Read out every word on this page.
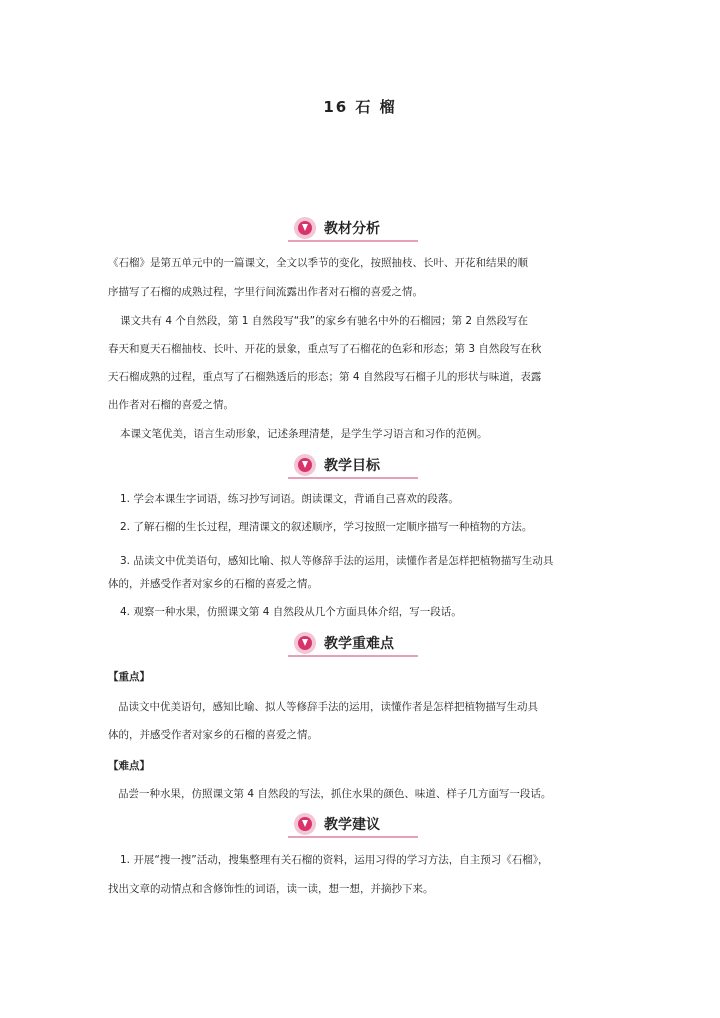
16 石 榴
教材分析
《石榴》是第五单元中的一篇课文，全文以季节的变化，按照抽枝、长叶、开花和结果的顺
序描写了石榴的成熟过程，字里行间流露出作者对石榴的喜爱之情。
课文共有 4 个自然段，第 1 自然段写“我”的家乡有驰名中外的石榴园；第 2 自然段写在
春天和夏天石榴抽枝、长叶、开花的景象，重点写了石榴花的色彩和形态；第 3 自然段写在秋
天石榴成熟的过程，重点写了石榴熟透后的形态；第 4 自然段写石榴子儿的形状与味道，表露
出作者对石榴的喜爱之情。
本课文笔优美，语言生动形象，记述条理清楚，是学生学习语言和习作的范例。
教学目标
1. 学会本课生字词语，练习抄写词语。朗读课文，背诵自己喜欢的段落。
2. 了解石榴的生长过程，理清课文的叙述顺序，学习按照一定顺序描写一种植物的方法。
3. 品读文中优美语句，感知比喻、拟人等修辞手法的运用，读懂作者是怎样把植物描写生动具
体的，并感受作者对家乡的石榴的喜爱之情。
4. 观察一种水果，仿照课文第 4 自然段从几个方面具体介绍，写一段话。
教学重难点
【重点】
品读文中优美语句，感知比喻、拟人等修辞手法的运用，读懂作者是怎样把植物描写生动具
体的，并感受作者对家乡的石榴的喜爱之情。
【难点】
品尝一种水果，仿照课文第 4 自然段的写法，抓住水果的颜色、味道、样子几方面写一段话。
教学建议
1. 开展“搜一搜”活动，搜集整理有关石榴的资料，运用习得的学习方法，自主预习《石榴》，
找出文章的动情点和含修饰性的词语，读一读，想一想，并摘抄下来。
